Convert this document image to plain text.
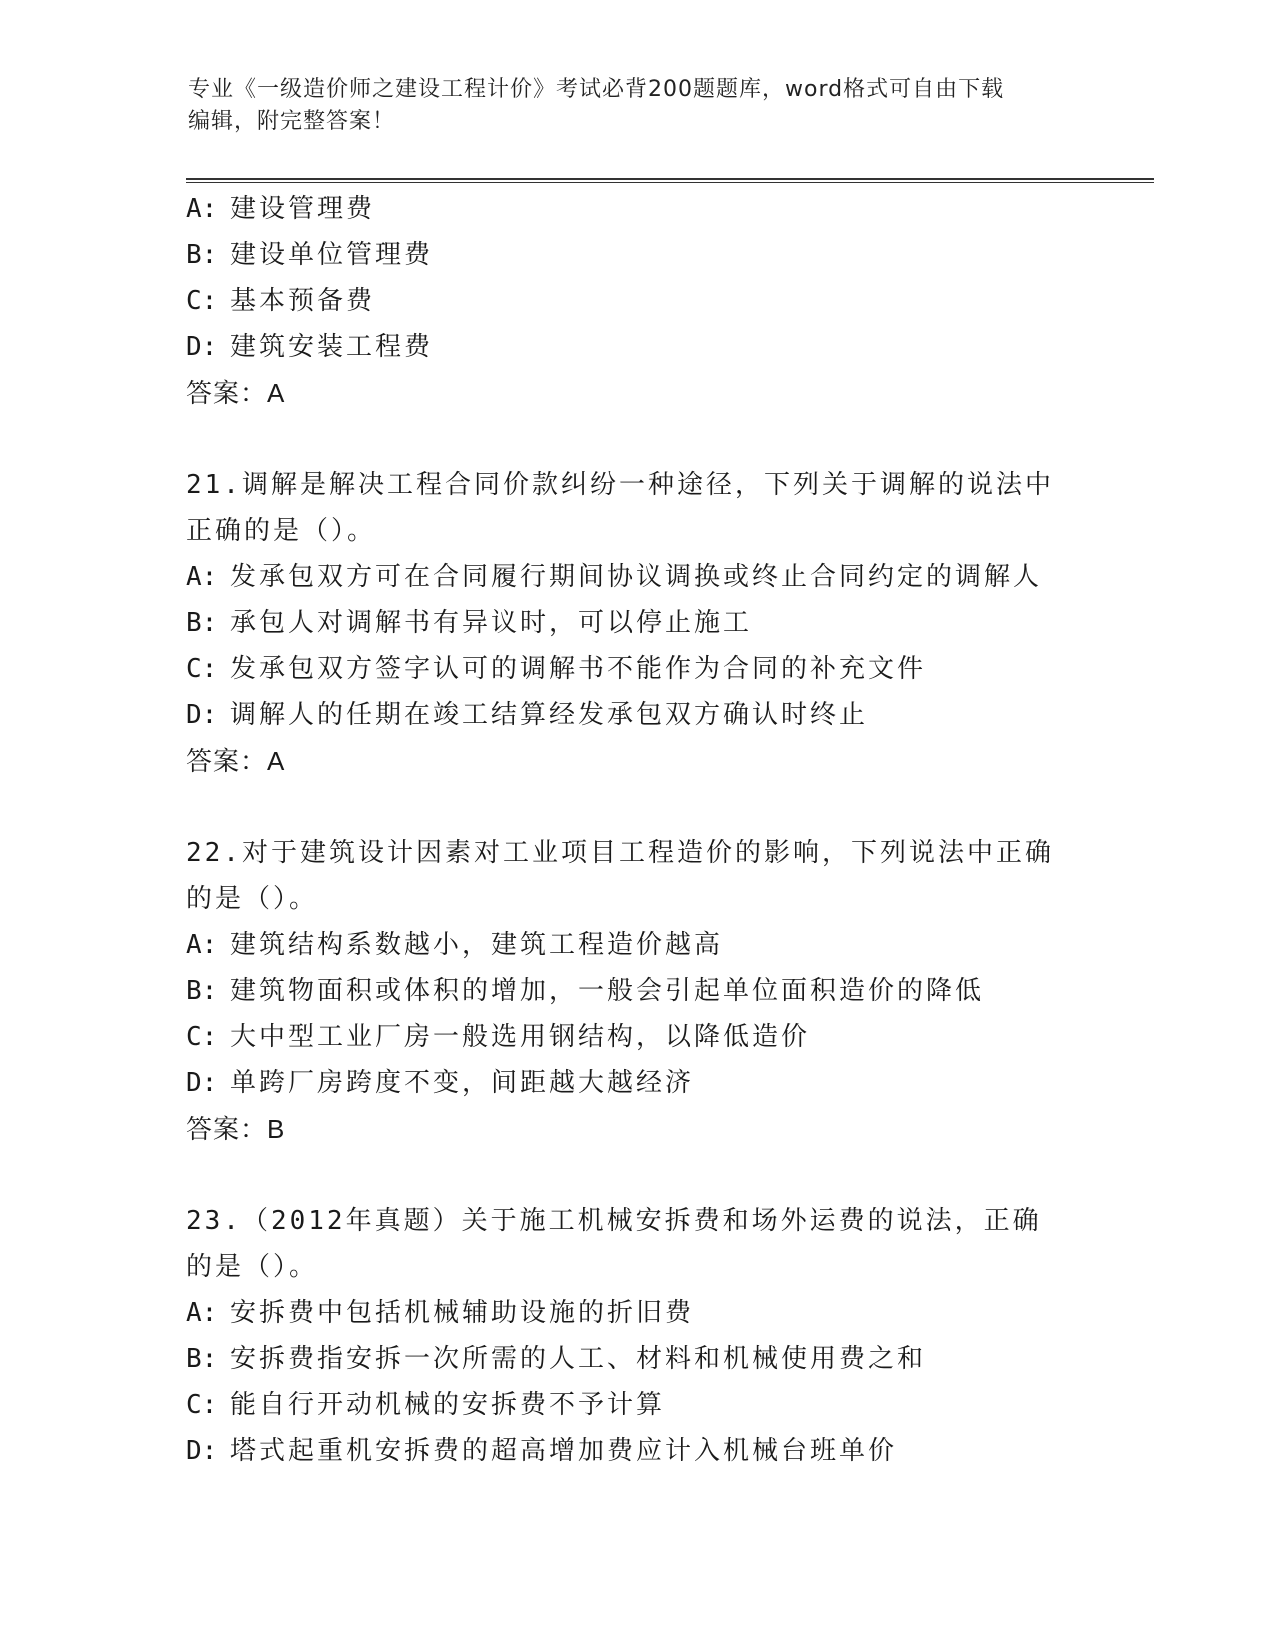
专业《一级造价师之建设工程计价》考试必背200题题库，word格式可自由下载
编辑，附完整答案！
A: 建设管理费
B: 建设单位管理费
C: 基本预备费
D: 建筑安装工程费
答案：A
21.调解是解决工程合同价款纠纷一种途径，下列关于调解的说法中正确的是（）。
A: 发承包双方可在合同履行期间协议调换或终止合同约定的调解人
B: 承包人对调解书有异议时，可以停止施工
C: 发承包双方签字认可的调解书不能作为合同的补充文件
D: 调解人的任期在竣工结算经发承包双方确认时终止
答案：A
22.对于建筑设计因素对工业项目工程造价的影响，下列说法中正确的是（）。
A: 建筑结构系数越小，建筑工程造价越高
B: 建筑物面积或体积的增加，一般会引起单位面积造价的降低
C: 大中型工业厂房一般选用钢结构，以降低造价
D: 单跨厂房跨度不变，间距越大越经济
答案：B
23.（2012年真题）关于施工机械安拆费和场外运费的说法，正确的是（）。
A: 安拆费中包括机械辅助设施的折旧费
B: 安拆费指安拆一次所需的人工、材料和机械使用费之和
C: 能自行开动机械的安拆费不予计算
D: 塔式起重机安拆费的超高增加费应计入机械台班单价
